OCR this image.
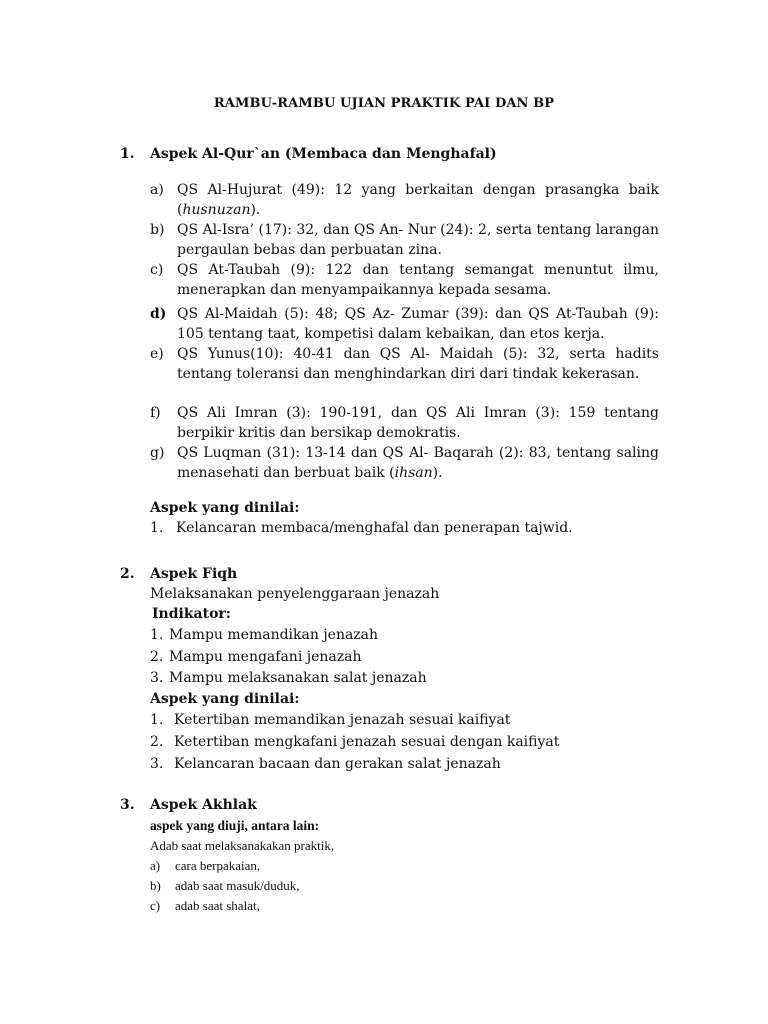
RAMBU-RAMBU UJIAN PRAKTIK PAI DAN BP
1. Aspek Al-Qur`an (Membaca dan Menghafal)
a) QS Al-Hujurat (49): 12 yang berkaitan dengan prasangka baik (husnuzan).
b) QS Al-Isra’ (17): 32, dan QS An- Nur (24): 2, serta tentang larangan pergaulan bebas dan perbuatan zina.
c) QS At-Taubah (9): 122 dan tentang semangat menuntut ilmu, menerapkan dan menyampaikannya kepada sesama.
d) QS Al-Maidah (5): 48; QS Az- Zumar (39): dan QS At-Taubah (9): 105 tentang taat, kompetisi dalam kebaikan, dan etos kerja.
e) QS Yunus(10): 40-41 dan QS Al- Maidah (5): 32, serta hadits tentang toleransi dan menghindarkan diri dari tindak kekerasan.
f) QS Ali Imran (3): 190-191, dan QS Ali Imran (3): 159 tentang berpikir kritis dan bersikap demokratis.
g) QS Luqman (31): 13-14 dan QS Al- Baqarah (2): 83, tentang saling menasehati dan berbuat baik (ihsan).
Aspek yang dinilai:
1. Kelancaran membaca/menghafal dan penerapan tajwid.
2. Aspek Fiqh
Melaksanakan penyelenggaraan jenazah
Indikator:
1. Mampu memandikan jenazah
2. Mampu mengafani jenazah
3. Mampu melaksanakan salat jenazah
Aspek yang dinilai:
1. Ketertiban memandikan jenazah sesuai kaifiyat
2. Ketertiban mengkafani jenazah sesuai dengan kaifiyat
3. Kelancaran bacaan dan gerakan salat jenazah
3. Aspek Akhlak
aspek yang diuji, antara lain:
Adab saat melaksanakakan praktik,
a) cara berpakaian,
b) adab saat masuk/duduk,
c) adab saat shalat,
